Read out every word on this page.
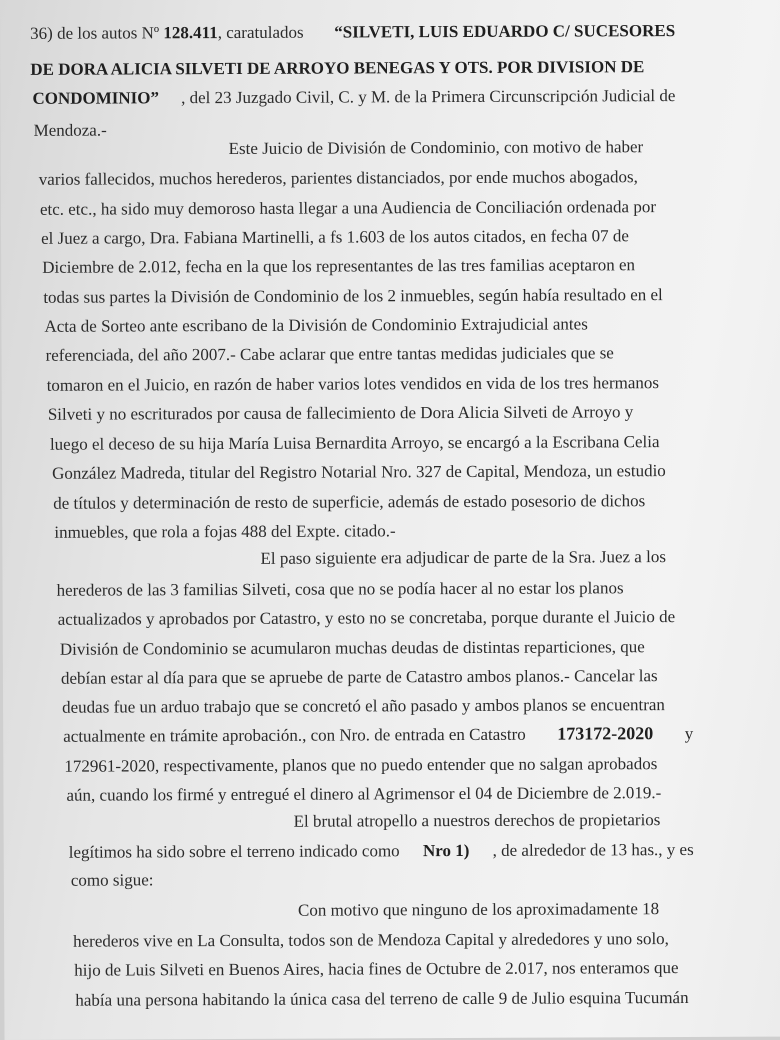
36) de los autos Nº 128.411, caratulados “SILVETI, LUIS EDUARDO C/ SUCESORES
DE DORA ALICIA SILVETI DE ARROYO BENEGAS Y OTS. POR DIVISION DE
CONDOMINIO” , del 23 Juzgado Civil, C. y M. de la Primera Circunscripción Judicial de
Mendoza.-
Este Juicio de División de Condominio, con motivo de haber
varios fallecidos, muchos herederos, parientes distanciados, por ende muchos abogados,
etc. etc., ha sido muy demoroso hasta llegar a una Audiencia de Conciliación ordenada por
el Juez a cargo, Dra. Fabiana Martinelli, a fs 1.603 de los autos citados, en fecha 07 de
Diciembre de 2.012, fecha en la que los representantes de las tres familias aceptaron en
todas sus partes la División de Condominio de los 2 inmuebles, según había resultado en el
Acta de Sorteo ante escribano de la División de Condominio Extrajudicial antes
referenciada, del año 2007.- Cabe aclarar que entre tantas medidas judiciales que se
tomaron en el Juicio, en razón de haber varios lotes vendidos en vida de los tres hermanos
Silveti y no escriturados por causa de fallecimiento de Dora Alicia Silveti de Arroyo y
luego el deceso de su hija María Luisa Bernardita Arroyo, se encargó a la Escribana Celia
González Madreda, titular del Registro Notarial Nro. 327 de Capital, Mendoza, un estudio
de títulos y determinación de resto de superficie, además de estado posesorio de dichos
inmuebles, que rola a fojas 488 del Expte. citado.-
El paso siguiente era adjudicar de parte de la Sra. Juez a los
herederos de las 3 familias Silveti, cosa que no se podía hacer al no estar los planos
actualizados y aprobados por Catastro, y esto no se concretaba, porque durante el Juicio de
División de Condominio se acumularon muchas deudas de distintas reparticiones, que
debían estar al día para que se apruebe de parte de Catastro ambos planos.- Cancelar las
deudas fue un arduo trabajo que se concretó el año pasado y ambos planos se encuentran
actualmente en trámite aprobación., con Nro. de entrada en Catastro 173172-2020 y
172961-2020, respectivamente, planos que no puedo entender que no salgan aprobados
aún, cuando los firmé y entregué el dinero al Agrimensor el 04 de Diciembre de 2.019.-
El brutal atropello a nuestros derechos de propietarios
legítimos ha sido sobre el terreno indicado como Nro 1) , de alrededor de 13 has., y es
como sigue:
Con motivo que ninguno de los aproximadamente 18
herederos vive en La Consulta, todos son de Mendoza Capital y alrededores y uno solo,
hijo de Luis Silveti en Buenos Aires, hacia fines de Octubre de 2.017, nos enteramos que
había una persona habitando la única casa del terreno de calle 9 de Julio esquina Tucumán
